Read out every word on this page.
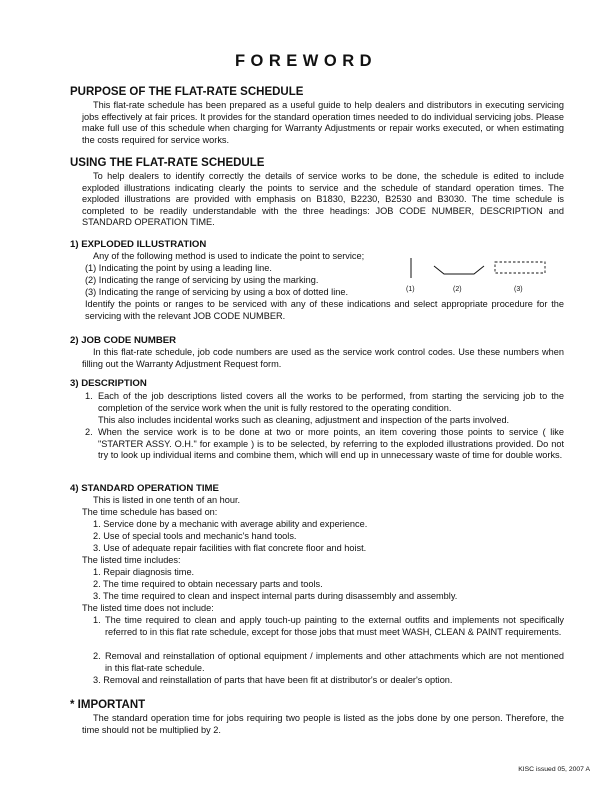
FOREWORD
PURPOSE OF THE FLAT-RATE SCHEDULE

This flat-rate schedule has been prepared as a useful guide to help dealers and distributors in executing servicing jobs effectively at fair prices. It provides for the standard operation times needed to do individual servicing jobs. Please make full use of this schedule when charging for Warranty Adjustments or repair works executed, or when estimating the costs required for service works.

USING THE FLAT-RATE SCHEDULE

To help dealers to identify correctly the details of service works to be done, the schedule is edited to include exploded illustrations indicating clearly the points to service and the schedule of standard operation times. The exploded illustrations are provided with emphasis on B1830, B2230, B2530 and B3030. The time schedule is completed to be readily understandable with the three headings: JOB CODE NUMBER, DESCRIPTION and STANDARD OPERATION TIME.

1) EXPLODED ILLUSTRATION
Any of the following method is used to indicate the point to service;
(1) Indicating the point by using a leading line.
(2) Indicating the range of servicing by using the marking.
(3) Indicating the range of servicing by using a box of dotted line.	(1)	(2)	(3)

Identify the points or ranges to be serviced with any of these indications and select appropriate procedure for the servicing with the relevant JOB CODE NUMBER.

2) JOB CODE NUMBER

In this flat-rate schedule, job code numbers are used as the service work control codes. Use these numbers when filling out the Warranty Adjustment Request form.

3) DESCRIPTION
1. Each of the job descriptions listed covers all the works to be performed, from starting the servicing job to the completion of the service work when the unit is fully restored to the operating condition.

This also includes incidental works such as cleaning, adjustment and inspection of the parts involved.
2. When the service work is to be done at two or more points, an item covering those points to service ( like "STARTER ASSY. O.H." for example ) is to be selected, by referring to the exploded illustrations provided. Do not try to look up individual items and combine them, which will end up in unnecessary waste of time for double works.

4) STANDARD OPERATION TIME
This is listed in one tenth of an hour.
The time schedule has based on:
1. Service done by a mechanic with average ability and experience.
2. Use of special tools and mechanic's hand tools.
3. Use of adequate repair facilities with flat concrete floor and hoist.
The listed time includes:
1. Repair diagnosis time.
2. The time required to obtain necessary parts and tools.
3. The time required to clean and inspect internal parts during disassembly and assembly.
The listed time does not include:
1. The time required to clean and apply touch-up painting to the external outfits and implements not specifically referred to in this flat rate schedule, except for those jobs that must meet WASH, CLEAN & PAINT requirements.

2. Removal and reinstallation of optional equipment / implements and other attachments which are not mentioned in this flat-rate schedule.

3. Removal and reinstallation of parts that have been fit at distributor's or dealer's option.
* IMPORTANT

The standard operation time for jobs requiring two people is listed as the jobs done by one person. Therefore, the time should not be multiplied by 2.

KISC issued 05, 2007 A
